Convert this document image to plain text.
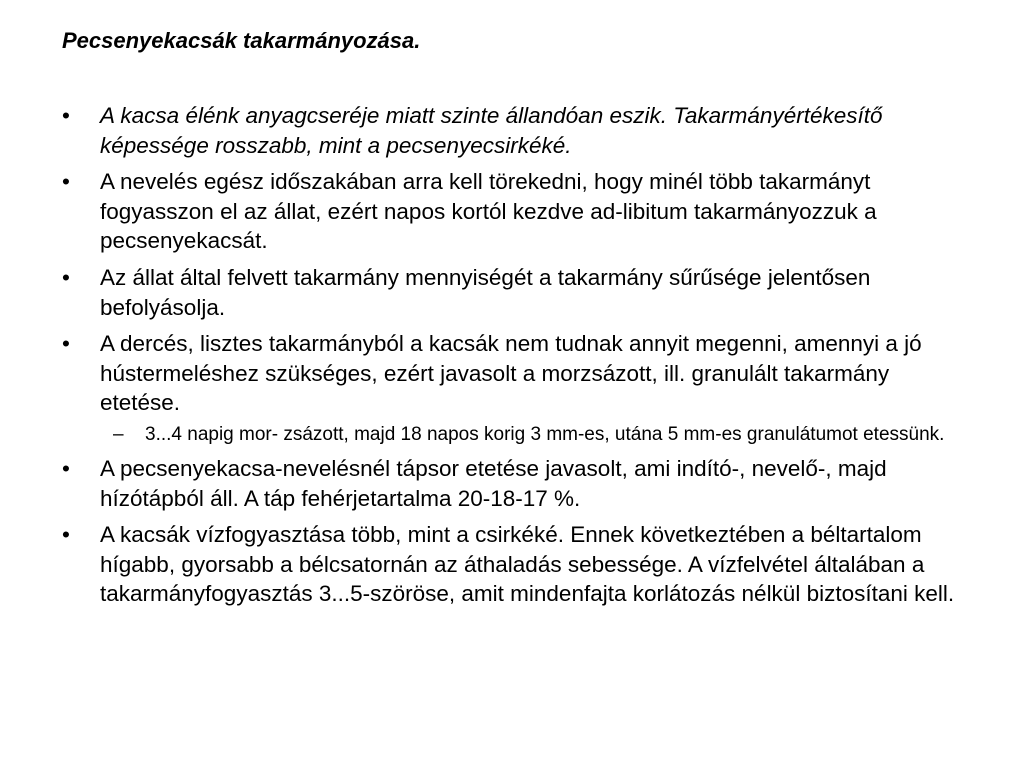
Pecsenyekacsák takarmányozása.
• A kacsa élénk anyagcseréje miatt szinte állandóan eszik. Takarmányértékesítő képessége rosszabb, mint a pecsenyecsirkéké.
• A nevelés egész időszakában arra kell törekedni, hogy minél több takarmányt fogyasszon el az állat, ezért napos kortól kezdve ad-libitum takarmányozzuk a pecsenyekacsát.
• Az állat által felvett takarmány mennyiségét a takarmány sűrűsége jelentősen befolyásolja.
• A dercés, lisztes takarmányból a kacsák nem tudnak annyit megenni, amennyi a jó hústermeléshez szükséges, ezért javasolt a morzsázott, ill. granulált takarmány etetése.
– 3...4 napig mor- zsázott, majd 18 napos korig 3 mm-es, utána 5 mm-es granulátumot etessünk.
• A pecsenyekacsa-nevelésnél tápsor etetése javasolt, ami indító-, nevelő-, majd hízótápból áll. A táp fehérjetartalma 20-18-17 %.
• A kacsák vízfogyasztása több, mint a csirkéké. Ennek következtében a béltartalom hígabb, gyorsabb a bélcsatornán az áthaladás sebessége. A vízfelvétel általában a takarmányfogyasztás 3...5-szöröse, amit mindenfajta korlátozás nélkül biztosítani kell.
